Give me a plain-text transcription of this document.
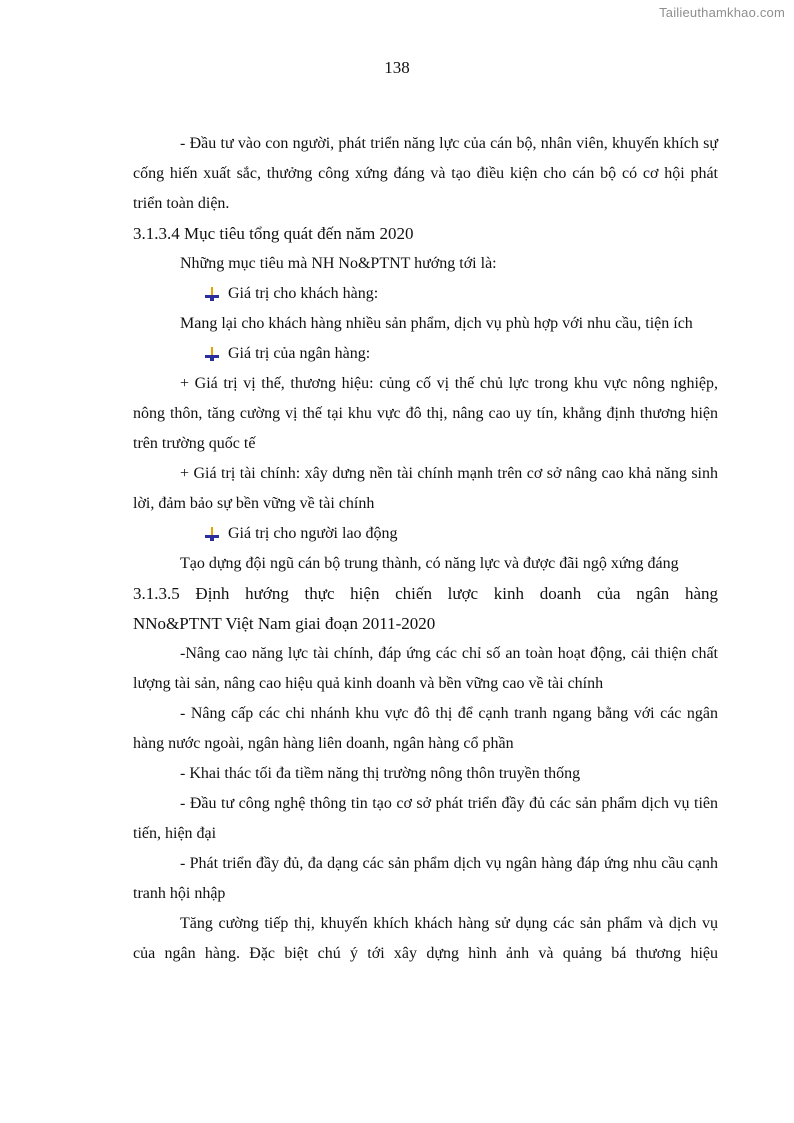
Tailieuthamkhao.com
138

- Đầu tư vào con người, phát triển năng lực của cán bộ, nhân viên, khuyến khích sự cống hiến xuất sắc, thưởng công xứng đáng và tạo điều kiện cho cán bộ có cơ hội phát triển toàn diện.

3.1.3.4 Mục tiêu tổng quát đến năm 2020

Những mục tiêu mà NH No&PTNT hướng tới là:

Giá trị cho khách hàng:

Mang lại cho khách hàng nhiều sản phẩm, dịch vụ phù hợp với nhu cầu, tiện ích

Giá trị của ngân hàng:

+ Giá trị vị thế, thương hiệu: củng cố vị thế chủ lực trong khu vực nông nghiệp, nông thôn, tăng cường vị thế tại khu vực đô thị, nâng cao uy tín, khẳng định thương hiện trên trường quốc tế

+ Giá trị tài chính: xây dưng nền tài chính mạnh trên cơ sở nâng cao khả năng sinh lời, đảm bảo sự bền vững về tài chính

Giá trị cho người lao động

Tạo dựng đội ngũ cán bộ trung thành, có năng lực và được đãi ngộ xứng đáng

3.1.3.5 Định hướng thực hiện chiến lược kinh doanh của ngân hàng

NNo&PTNT Việt Nam giai đoạn 2011-2020

-Nâng cao năng lực tài chính, đáp ứng các chỉ số an toàn hoạt động, cải thiện chất lượng tài sản, nâng cao hiệu quả kinh doanh và bền vững cao về tài chính

- Nâng cấp các chi nhánh khu vực đô thị để cạnh tranh ngang bằng với các ngân hàng nước ngoài, ngân hàng liên doanh, ngân hàng cổ phần

- Khai thác tối đa tiềm năng thị trường nông thôn truyền thống

- Đầu tư công nghệ thông tin tạo cơ sở phát triển đầy đủ các sản phẩm dịch vụ tiên tiến, hiện đại

- Phát triển đầy đủ, đa dạng các sản phẩm dịch vụ ngân hàng đáp ứng nhu cầu cạnh tranh hội nhập

Tăng cường tiếp thị, khuyến khích khách hàng sử dụng các sản phẩm và dịch vụ của ngân hàng. Đặc biệt chú ý tới xây dựng hình ảnh và quảng bá thương hiệu
